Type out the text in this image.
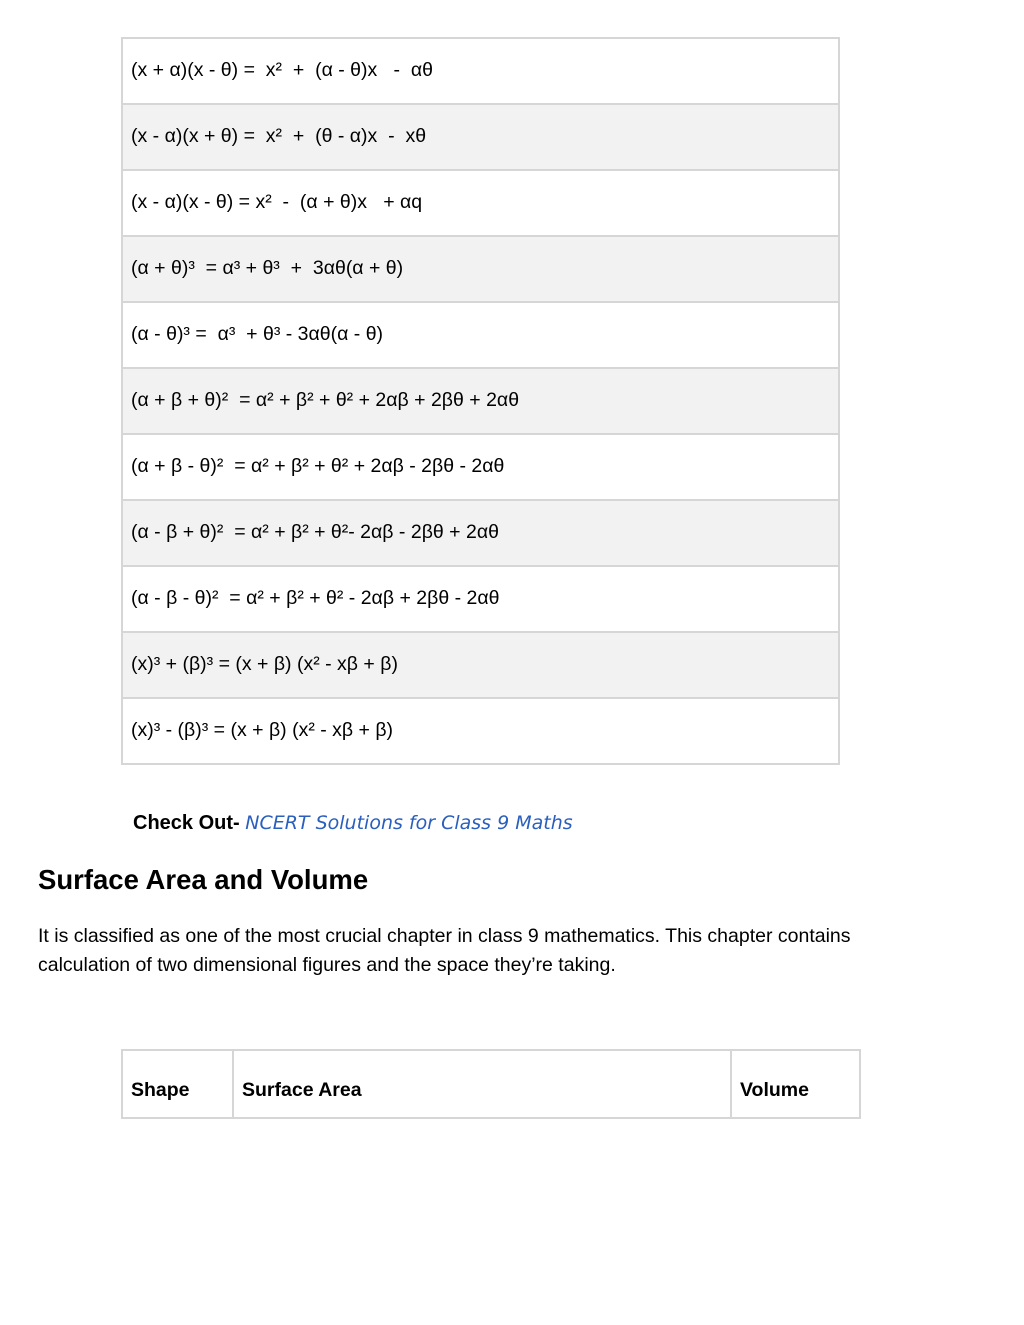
(x + α)(x - θ) =  x²  +  (α - θ)x   -  αθ
(x - α)(x + θ) =  x²  +  (θ - α)x  -  xθ
(x - α)(x - θ) = x²  -  (α + θ)x   + αq
(α + θ)³  = α³ + θ³  +  3αθ(α + θ)
(α - θ)³ =  α³  + θ³ - 3αθ(α - θ)
(α + β + θ)²  = α² + β² + θ² + 2αβ + 2βθ + 2αθ
(α + β - θ)²  = α² + β² + θ² + 2αβ - 2βθ - 2αθ
(α - β + θ)²  = α² + β² + θ²- 2αβ - 2βθ + 2αθ
(α - β - θ)²  = α² + β² + θ² - 2αβ + 2βθ - 2αθ
(x)³ + (β)³ = (x + β) (x² - xβ + β)
(x)³ - (β)³ = (x + β) (x² - xβ + β)
Check Out- NCERT Solutions for Class 9 Maths
Surface Area and Volume

It is classified as one of the most crucial chapter in class 9 mathematics. This chapter contains calculation of two dimensional figures and the space they’re taking.

Shape	Surface Area	Volume
